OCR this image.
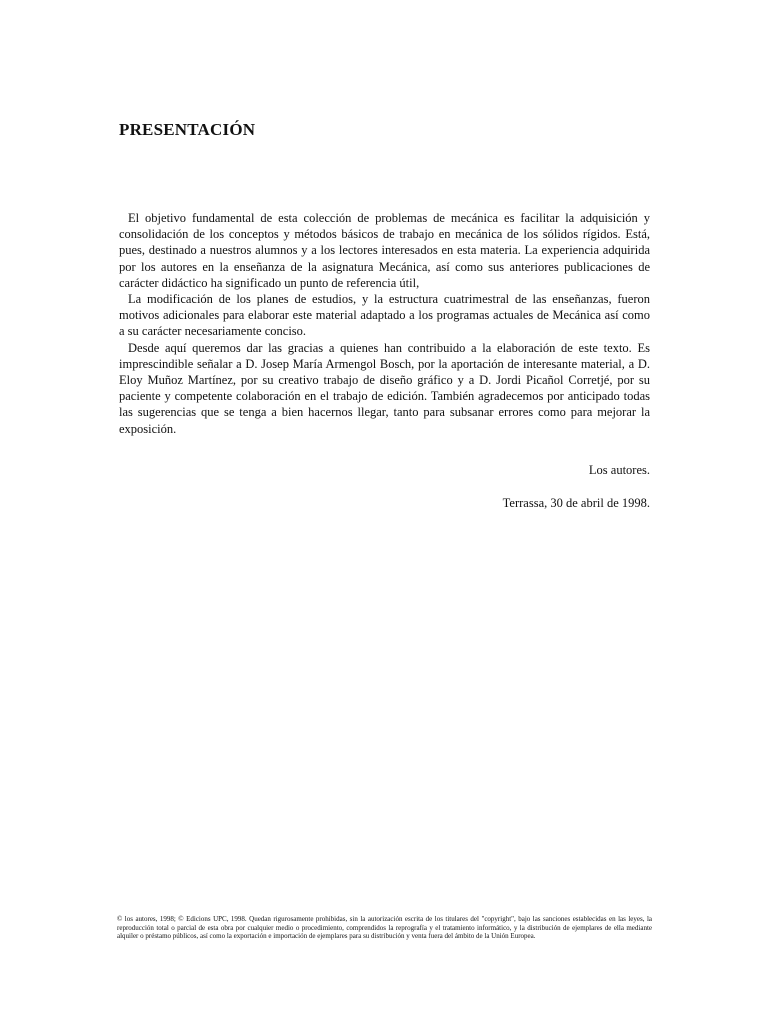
PRESENTACIÓN

El objetivo fundamental de esta colección de problemas de mecánica es facilitar la adquisición y consolidación de los conceptos y métodos básicos de trabajo en mecánica de los sólidos rígidos. Está, pues, destinado a nuestros alumnos y a los lectores interesados en esta materia. La experiencia adquirida por los autores en la enseñanza de la asignatura Mecánica, así como sus anteriores publicaciones de carácter didáctico ha significado un punto de referencia útil,

La modificación de los planes de estudios, y la estructura cuatrimestral de las enseñanzas, fueron motivos adicionales para elaborar este material adaptado a los programas actuales de Mecánica así como a su carácter necesariamente conciso.

Desde aquí queremos dar las gracias a quienes han contribuido a la elaboración de este texto. Es imprescindible señalar a D. Josep María Armengol Bosch, por la aportación de interesante material, a D. Eloy Muñoz Martínez, por su creativo trabajo de diseño gráfico y a D. Jordi Picañol Corretjé, por su paciente y competente colaboración en el trabajo de edición. También agradecemos por anticipado todas las sugerencias que se tenga a bien hacernos llegar, tanto para subsanar errores como para mejorar la exposición.

Los autores.
Terrassa, 30 de abril de 1998.
© los autores, 1998; © Edicions UPC, 1998. Quedan rigurosamente prohibidas, sin la autorización escrita de los titulares del "copyright", bajo las sanciones establecidas en las leyes, la reproducción total o parcial de esta obra por cualquier medio o procedimiento, comprendidos la reprografía y el tratamiento informático, y la distribución de ejemplares de ella mediante alquiler o préstamo públicos, así como la exportación e importación de ejemplares para su distribución y venta fuera del ámbito de la Unión Europea.
